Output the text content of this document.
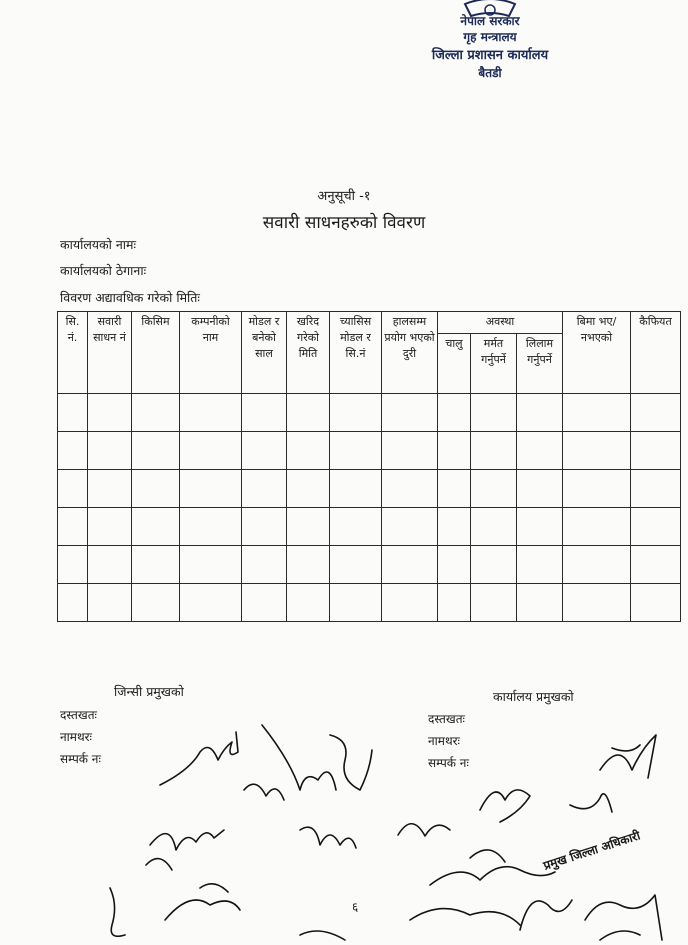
नेपाल सरकार
गृह मन्त्रालय
जिल्ला प्रशासन कार्यालय
बैतडी
अनुसूची -१
सवारी साधनहरुको विवरण
कार्यालयको नामः
कार्यालयको ठेगानाः
विवरण अद्यावधिक गरेको मितिः
सि. नं.	सवारी साधन नं	किसिम	कम्पनीको नाम	मोडल र बनेको साल	खरिद गरेको मिति	च्यासिस मोडल र सि.नं	हालसम्म प्रयोग भएको दुरी	अवस्था			बिमा भए/नभएको	कैफियत
								चालु	मर्मत गर्नुपर्ने	लिलाम गर्नुपर्ने		

जिन्सी प्रमुखको
दस्तखतः
नामथरः
सम्पर्क नः
कार्यालय प्रमुखको
दस्तखतः
नामथरः
सम्पर्क नः
प्रमुख जिल्ला अधिकारी
६
